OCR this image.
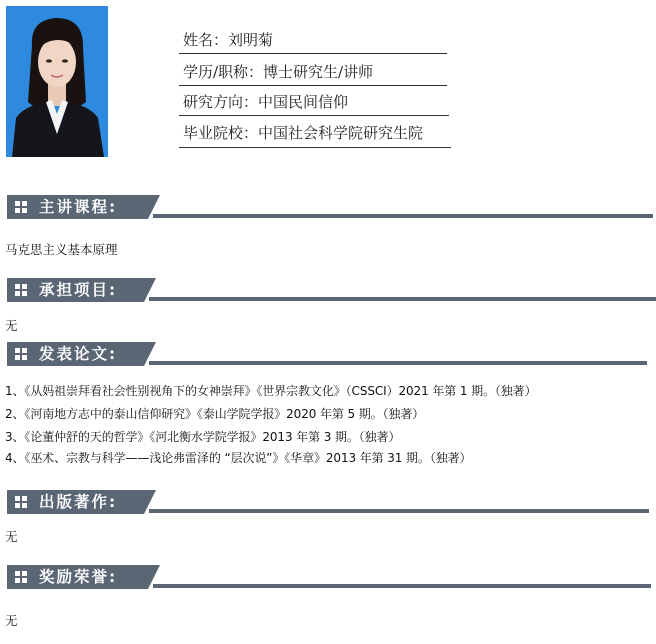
姓名：刘明菊
学历/职称：博士研究生/讲师
研究方向：中国民间信仰
毕业院校：中国社会科学院研究生院
主讲课程:
马克思主义基本原理
承担项目:
无
发表论文:
1、《从妈祖崇拜看社会性别视角下的女神崇拜》《世界宗教文化》（CSSCI）2021 年第 1 期。（独著）
2、《河南地方志中的泰山信仰研究》《泰山学院学报》2020 年第 5 期。（独著）
3、《论董仲舒的天的哲学》《河北衡水学院学报》2013 年第 3 期。（独著）
4、《巫术、宗教与科学——浅论弗雷泽的 “层次说”》《华章》2013 年第 31 期。（独著）
出版著作:
无
奖励荣誉:
无
